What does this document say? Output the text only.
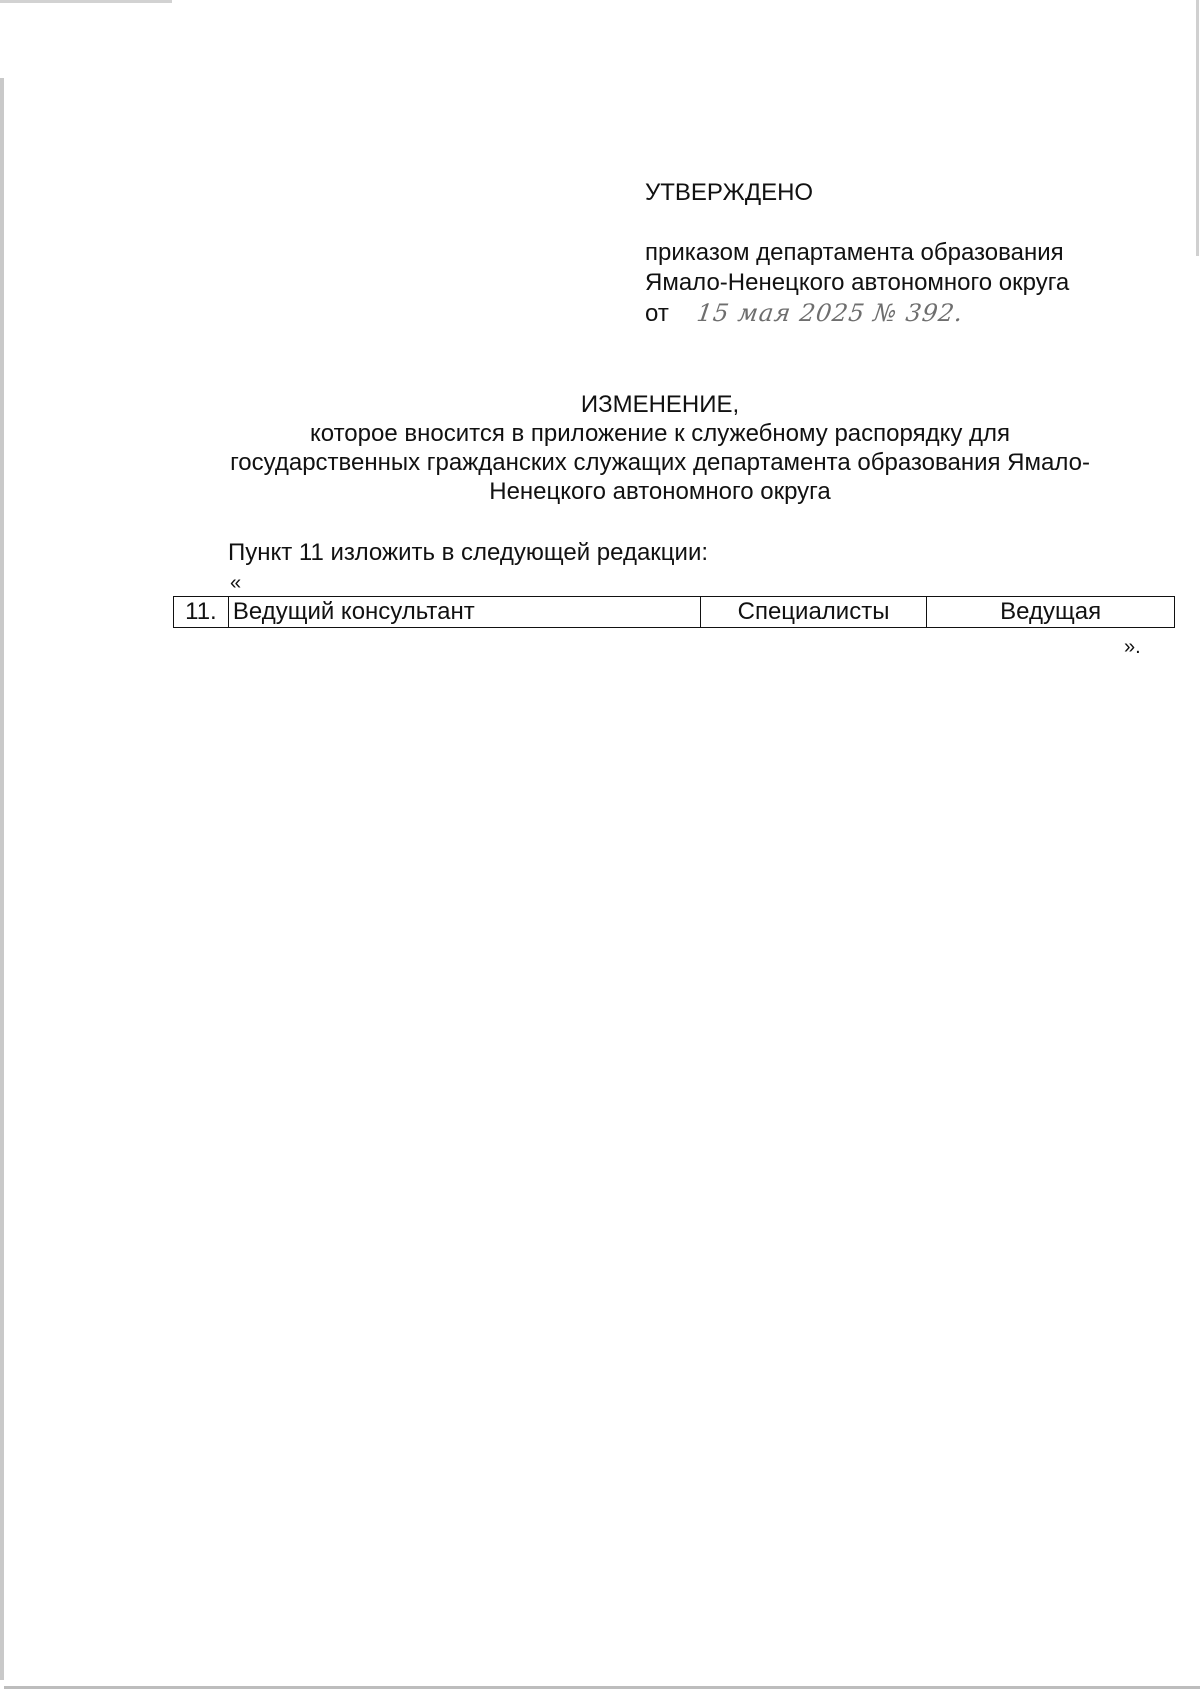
УТВЕРЖДЕНО
приказом департамента образования
Ямало-Ненецкого автономного округа
от 15 мая 2025 № 392.
ИЗМЕНЕНИЕ,
которое вносится в приложение к служебному распорядку для
государственных гражданских служащих департамента образования Ямало-
Ненецкого автономного округа
Пункт 11 изложить в следующей редакции:
«
11.	Ведущий консультант	Специалисты	Ведущая
».
